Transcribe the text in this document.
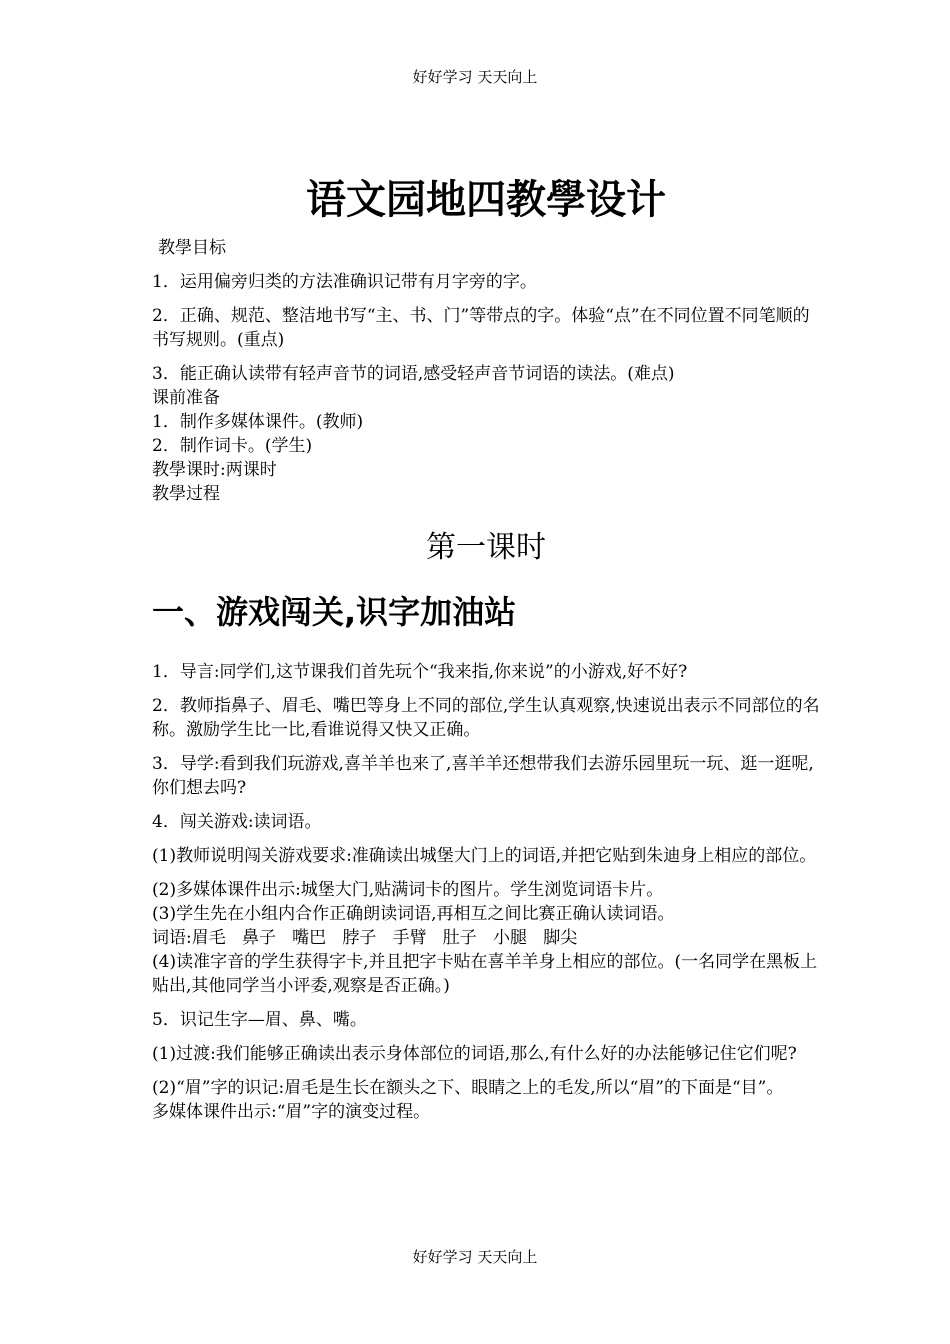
好好学习 天天向上
语文园地四教學设计

教學目标

1．运用偏旁归类的方法准确识记带有月字旁的字。

2．正确、规范、整洁地书写“主、书、门”等带点的字。体验“点”在不同位置不同笔顺的书写规则。(重点)

3．能正确认读带有轻声音节的词语,感受轻声音节词语的读法。(难点)

课前准备

1．制作多媒体课件。(教师)

2．制作词卡。(学生)

教學课时:两课时

教學过程

第一课时
一、游戏闯关,识字加油站

1．导言:同学们,这节课我们首先玩个“我来指,你来说”的小游戏,好不好?

2．教师指鼻子、眉毛、嘴巴等身上不同的部位,学生认真观察,快速说出表示不同部位的名称。激励学生比一比,看谁说得又快又正确。

3．导学:看到我们玩游戏,喜羊羊也来了,喜羊羊还想带我们去游乐园里玩一玩、逛一逛呢,你们想去吗?

4．闯关游戏:读词语。

(1)教师说明闯关游戏要求:准确读出城堡大门上的词语,并把它贴到朱迪身上相应的部位。

(2)多媒体课件出示:城堡大门,贴满词卡的图片。学生浏览词语卡片。

(3)学生先在小组内合作正确朗读词语,再相互之间比赛正确认读词语。

词语:眉毛   鼻子   嘴巴   脖子   手臂   肚子   小腿   脚尖

(4)读准字音的学生获得字卡,并且把字卡贴在喜羊羊身上相应的部位。(一名同学在黑板上贴出,其他同学当小评委,观察是否正确。)

5．识记生字—眉、鼻、嘴。

(1)过渡:我们能够正确读出表示身体部位的词语,那么,有什么好的办法能够记住它们呢?

(2)“眉”字的识记:眉毛是生长在额头之下、眼睛之上的毛发,所以“眉”的下面是“目”。     多媒体课件出示:“眉”字的演变过程。

好好学习 天天向上
